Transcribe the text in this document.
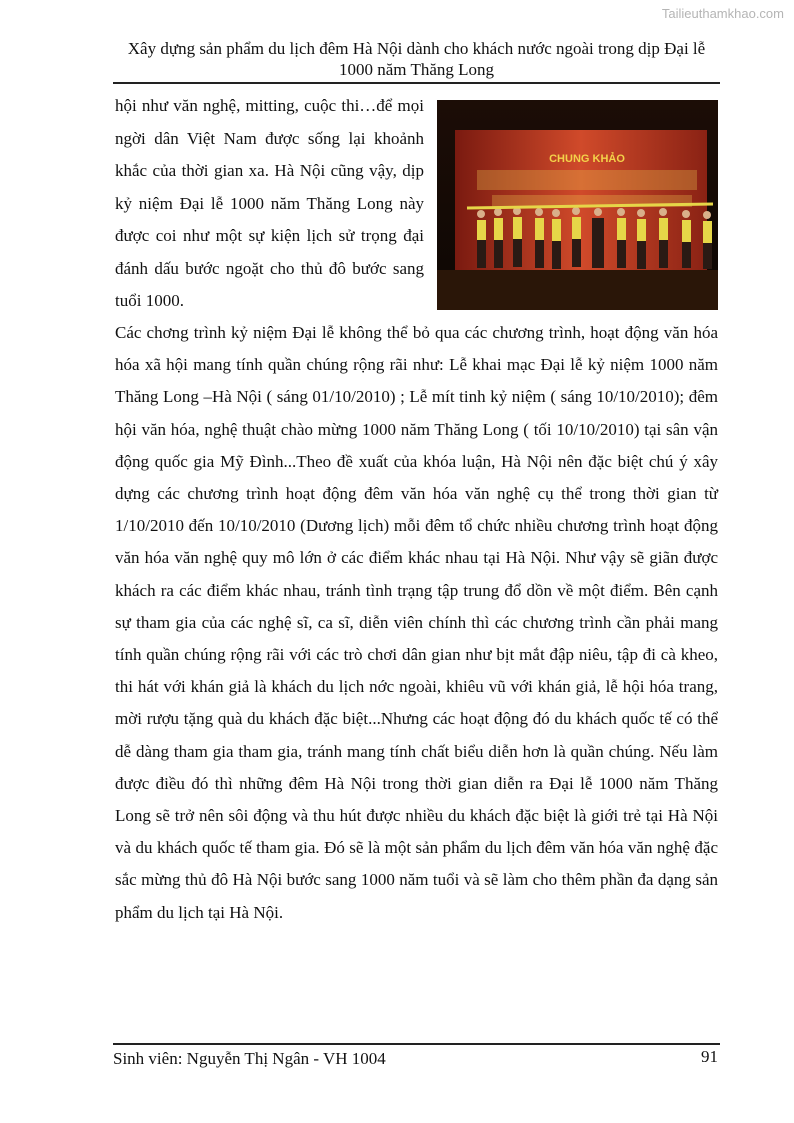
Tailieuthamkhao.com
Xây dựng sản phẩm du lịch đêm Hà Nội dành cho khách nước ngoài trong dịp Đại lễ 1000 năm Thăng Long
CHUNG KHẢO
hội như văn nghệ, mitting, cuộc thi…để mọi ngời dân Việt Nam được sống lại khoảnh khắc của thời gian xa. Hà Nội cũng vậy, dịp kỷ niệm Đại lễ 1000 năm Thăng Long này được coi như một sự kiện lịch sử trọng đại đánh dấu bước ngoặt cho thủ đô bước sang tuổi 1000.
Các chơng trình kỷ niệm Đại lễ không thể bỏ qua các chương trình, hoạt động văn hóa hóa xã hội mang tính quần chúng rộng rãi như: Lễ khai mạc Đại lễ kỷ niệm 1000 năm Thăng Long –Hà Nội ( sáng 01/10/2010) ; Lễ mít tinh kỷ niệm ( sáng 10/10/2010); đêm hội văn hóa, nghệ thuật chào mừng 1000 năm Thăng Long ( tối 10/10/2010) tại sân vận động quốc gia Mỹ Đình...Theo đề xuất của khóa luận, Hà Nội nên đặc biệt chú ý xây dựng các chương trình hoạt động đêm văn hóa văn nghệ cụ thể trong thời gian từ 1/10/2010 đến 10/10/2010 (Dương lịch) mỗi đêm tổ chức nhiều chương trình hoạt động văn hóa văn nghệ quy mô lớn ở các điểm khác nhau tại Hà Nội. Như vậy sẽ giãn được khách ra các điểm khác nhau, tránh tình trạng tập trung đổ dồn về một điểm. Bên cạnh sự tham gia của các nghệ sĩ, ca sĩ, diễn viên chính thì các chương trình cần phải mang tính quần chúng rộng rãi với các trò chơi dân gian như bịt mắt đập niêu, tập đi cà kheo, thi hát với khán giả là khách du lịch nớc ngoài, khiêu vũ với khán giả, lễ hội hóa trang, mời rượu tặng quà du khách đặc biệt...Nhưng các hoạt động đó du khách quốc tế có thể dễ dàng tham gia tham gia, tránh mang tính chất biểu diễn hơn là quần chúng. Nếu làm được điều đó thì những đêm Hà Nội trong thời gian diễn ra Đại lễ 1000 năm Thăng Long sẽ trở nên sôi động và thu hút được nhiều du khách đặc biệt là giới trẻ tại Hà Nội và du khách quốc tế tham gia. Đó sẽ là một sản phẩm du lịch đêm văn hóa văn nghệ đặc sắc mừng thủ đô Hà Nội bước sang 1000 năm tuổi và sẽ làm cho thêm phần đa dạng sản phẩm du lịch tại Hà Nội.
Sinh viên: Nguyễn Thị Ngân - VH 1004	91
